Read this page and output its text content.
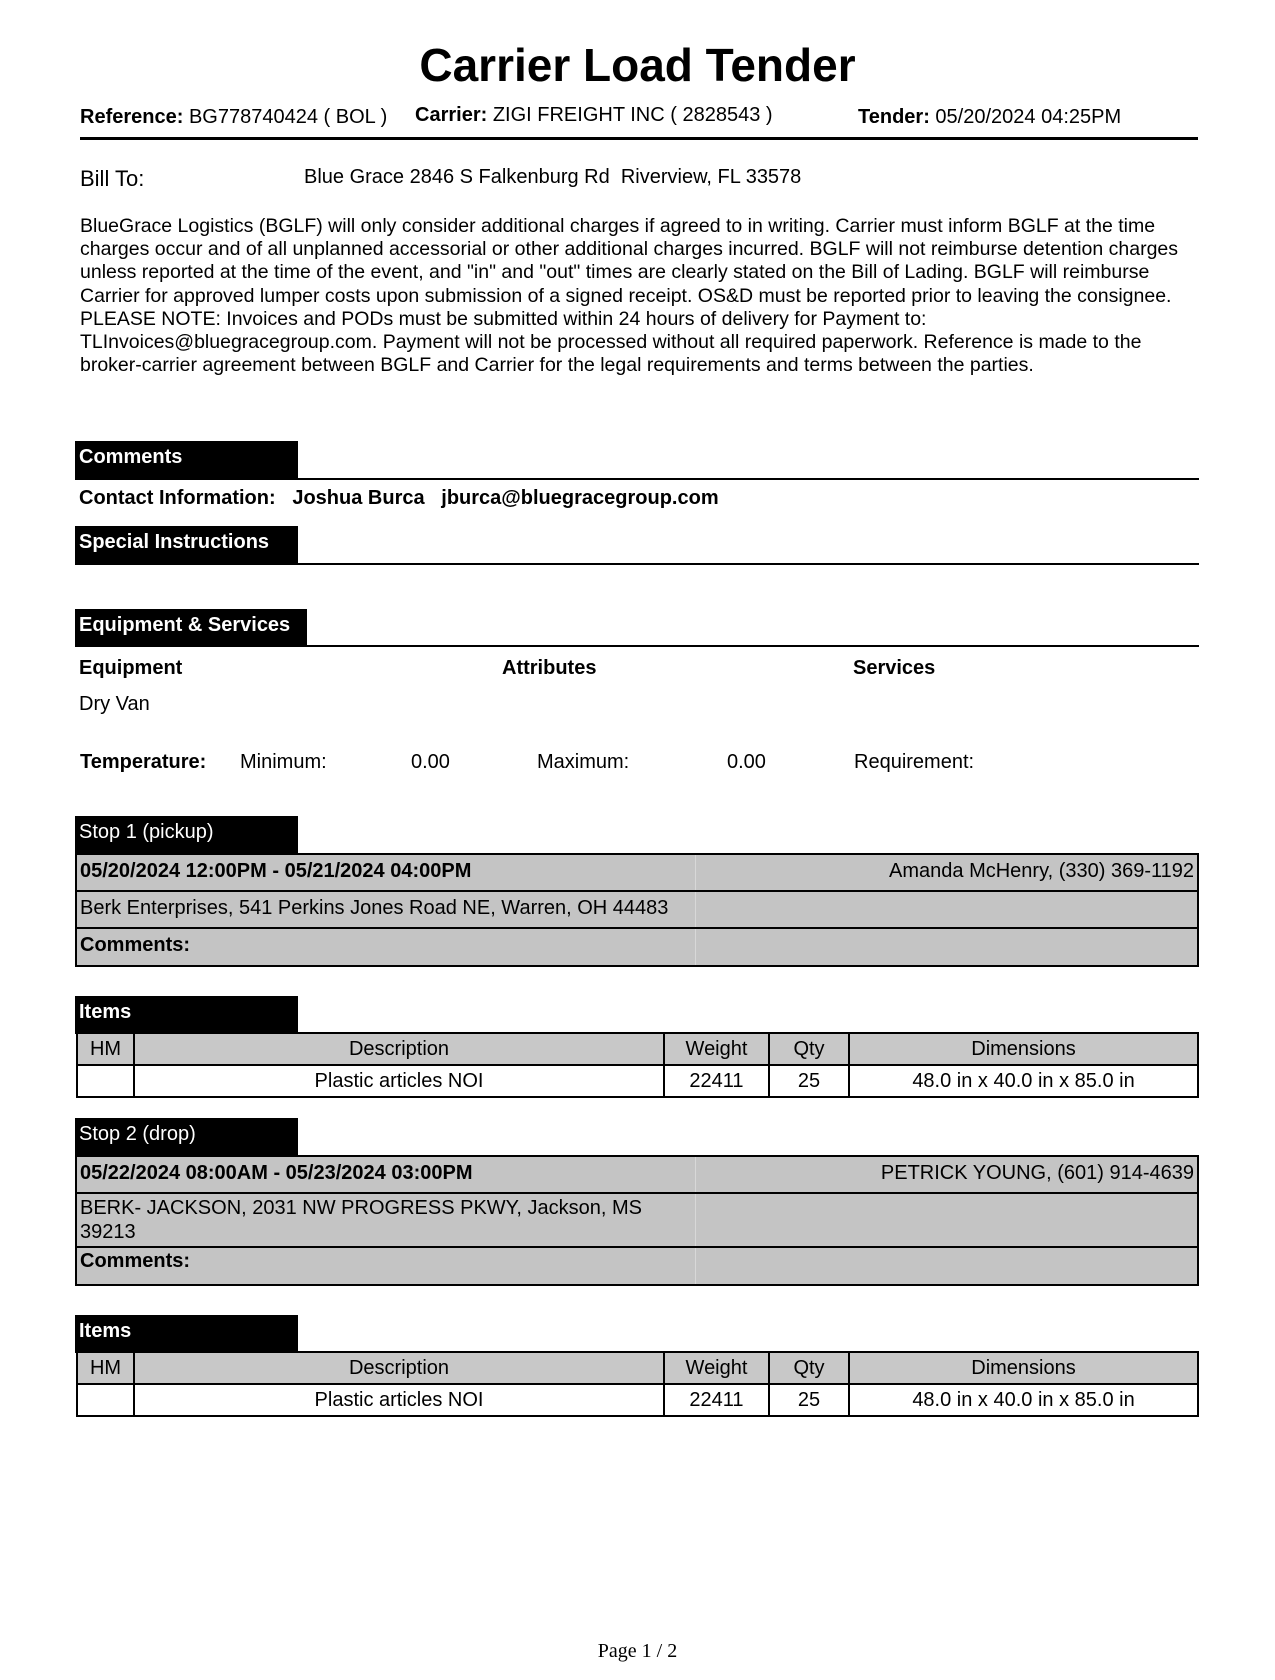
Carrier Load Tender
Reference: BG778740424 ( BOL ) Carrier: ZIGI FREIGHT INC ( 2828543 )	Tender: 05/20/2024 04:25PM
Bill To:	Blue Grace 2846 S Falkenburg Rd  Riverview, FL 33578
BlueGrace Logistics (BGLF) will only consider additional charges if agreed to in writing. Carrier must inform BGLF at the time charges occur and of all unplanned accessorial or other additional charges incurred. BGLF will not reimburse detention charges unless reported at the time of the event, and "in" and "out" times are clearly stated on the Bill of Lading. BGLF will reimburse Carrier for approved lumper costs upon submission of a signed receipt. OS&D must be reported prior to leaving the consignee. PLEASE NOTE: Invoices and PODs must be submitted within 24 hours of delivery for Payment to: TLInvoices@bluegracegroup.com. Payment will not be processed without all required paperwork. Reference is made to the broker-carrier agreement between BGLF and Carrier for the legal requirements and terms between the parties.
Comments
Contact Information: Joshua Burca jburca@bluegracegroup.com
Special Instructions
Equipment & Services
Equipment	Attributes	Services
Dry Van
Temperature: Minimum:	0.00	Maximum:	0.00	Requirement:
Stop 1 (pickup)
05/20/2024 12:00PM - 05/21/2024 04:00PM	Amanda McHenry, (330) 369-1192
Berk Enterprises, 541 Perkins Jones Road NE, Warren, OH 44483
Comments:
Items
HM	Description	Weight	Qty	Dimensions
	Plastic articles NOI	22411	25	48.0 in x 40.0 in x 85.0 in
Stop 2 (drop)
05/22/2024 08:00AM - 05/23/2024 03:00PM	PETRICK YOUNG, (601) 914-4639
BERK- JACKSON, 2031 NW PROGRESS PKWY, Jackson, MS
39213
Comments:
Items
HM	Description	Weight	Qty	Dimensions
	Plastic articles NOI	22411	25	48.0 in x 40.0 in x 85.0 in
Page 1 / 2
